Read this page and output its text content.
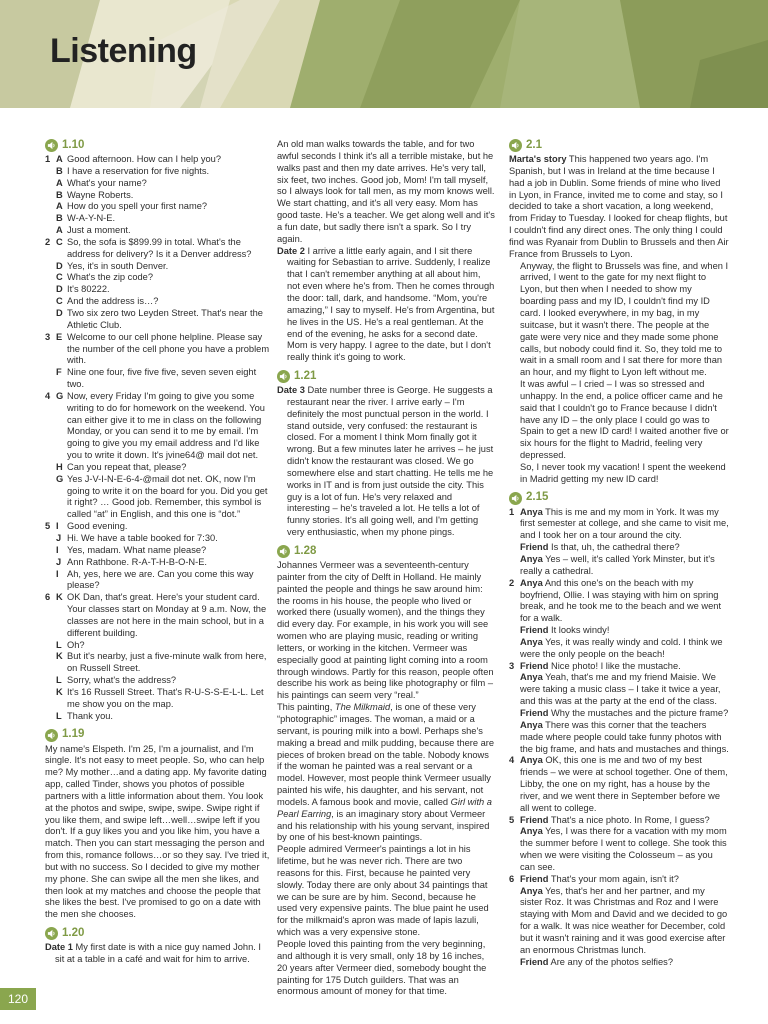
Listening
1.10
1 A Good afternoon. How can I help you?
B I have a reservation for five nights.
A What's your name?
B Wayne Roberts.
A How do you spell your first name?
B W-A-Y-N-E.
A Just a moment.
2 C So, the sofa is $899.99 in total. What's the address for delivery? Is it a Denver address?
D Yes, it's in south Denver.
C What's the zip code?
D It's 80222.
C And the address is…?
D Two six zero two Leyden Street. That's near the Athletic Club.
3 E Welcome to our cell phone helpline. Please say the number of the cell phone you have a problem with.
F Nine one four, five five five, seven seven eight two.
4 G Now, every Friday I'm going to give you some writing to do for homework on the weekend. You can either give it to me in class on the following Monday, or you can send it to me by email. I'm going to give you my email address and I'd like you to write it down. It's jvine64@ mail dot net.
H Can you repeat that, please?
G Yes J-V-I-N-E-6-4-@mail dot net. OK, now I'm going to write it on the board for you. Did you get it right? … Good job. Remember, this symbol is called “at” in English, and this one is “dot.”
5 I Good evening.
J Hi. We have a table booked for 7:30.
I Yes, madam. What name please?
J Ann Rathbone. R-A-T-H-B-O-N-E.
I Ah, yes, here we are. Can you come this way please?
6 K OK Dan, that's great. Here's your student card. Your classes start on Monday at 9 a.m. Now, the classes are not here in the main school, but in a different building.
L Oh?
K But it's nearby, just a five-minute walk from here, on Russell Street.
L Sorry, what's the address?
K It's 16 Russell Street. That's R-U-S-S-E-L-L. Let me show you on the map.
L Thank you.
1.19

My name's Elspeth. I'm 25, I'm a journalist, and I'm single. It's not easy to meet people. So, who can help me? My mother…and a dating app. My favorite dating app, called Tinder, shows you photos of possible partners with a little information about them. You look at the photos and swipe, swipe, swipe. Swipe right if you like them, and swipe left…well…swipe left if you don't. If a guy likes you and you like him, you have a match. Then you can start messaging the person and from this, romance follows…or so they say. I've tried it, but with no success. So I decided to give my mother my phone. She can swipe all the men she likes, and then look at my matches and choose the people that she likes the best. I've promised to go on a date with the men she chooses.

1.20

Date 1 My first date is with a nice guy named John. I sit at a table in a café and wait for him to arrive.

An old man walks towards the table, and for two awful seconds I think it's all a terrible mistake, but he walks past and then my date arrives. He's very tall, six feet, two inches. Good job, Mom! I'm tall myself, so I always look for tall men, as my mom knows well. We start chatting, and it's all very easy. Mom has good taste. He's a teacher. We get along well and it's a fun date, but sadly there isn't a spark. So I try again.

Date 2 I arrive a little early again, and I sit there waiting for Sebastian to arrive. Suddenly, I realize that I can't remember anything at all about him, not even where he's from. Then he comes through the door: tall, dark, and handsome. “Mom, you're amazing,” I say to myself. He's from Argentina, but he lives in the US. He's a real gentleman. At the end of the evening, he asks for a second date. Mom is very happy. I agree to the date, but I don't really think it's going to work.

1.21

Date 3 Date number three is George. He suggests a restaurant near the river. I arrive early – I'm definitely the most punctual person in the world. I stand outside, very confused: the restaurant is closed. For a moment I think Mom finally got it wrong. But a few minutes later he arrives – he just didn't know the restaurant was closed. We go somewhere else and start chatting. He tells me he works in IT and is from just outside the city. This guy is a lot of fun. He's very relaxed and interesting – he's traveled a lot. He tells a lot of funny stories. It's all going well, and I'm getting very enthusiastic, when my phone pings.

1.28

Johannes Vermeer was a seventeenth-century painter from the city of Delft in Holland. He mainly painted the people and things he saw around him: the rooms in his house, the people who lived or worked there (usually women), and the things they did every day. For example, in his work you will see women who are playing music, reading or writing letters, or working in the kitchen. Vermeer was especially good at painting light coming into a room through windows. Partly for this reason, people often describe his work as being like photography or film – his paintings can seem very “real.”

This painting, The Milkmaid, is one of these very “photographic” images. The woman, a maid or a servant, is pouring milk into a bowl. Perhaps she's making a bread and milk pudding, because there are pieces of broken bread on the table. Nobody knows if the woman he painted was a real servant or a model. However, most people think Vermeer usually painted his wife, his daughter, and his servant, not models. A famous book and movie, called Girl with a Pearl Earring, is an imaginary story about Vermeer and his relationship with his young servant, inspired by one of his best-known paintings.

People admired Vermeer's paintings a lot in his lifetime, but he was never rich. There are two reasons for this. First, because he painted very slowly. Today there are only about 34 paintings that we can be sure are by him. Second, because he used very expensive paints. The blue paint he used for the milkmaid's apron was made of lapis lazuli, which was a very expensive stone.

People loved this painting from the very beginning, and although it is very small, only 18 by 16 inches, 20 years after Vermeer died, somebody bought the painting for 175 Dutch guilders. That was an enormous amount of money for that time.

2.1

Marta's story This happened two years ago. I'm Spanish, but I was in Ireland at the time because I had a job in Dublin. Some friends of mine who lived in Lyon, in France, invited me to come and stay, so I decided to take a short vacation, a long weekend, from Friday to Tuesday. I looked for cheap flights, but I couldn't find any direct ones. The only thing I could find was Ryanair from Dublin to Brussels and then Air France from Brussels to Lyon.

Anyway, the flight to Brussels was fine, and when I arrived, I went to the gate for my next flight to Lyon, but then when I needed to show my boarding pass and my ID, I couldn't find my ID card. I looked everywhere, in my bag, in my suitcase, but it wasn't there. The people at the gate were very nice and they made some phone calls, but nobody could find it. So, they told me to wait in a small room and I sat there for more than an hour, and my flight to Lyon left without me.

It was awful – I cried – I was so stressed and unhappy. In the end, a police officer came and he said that I couldn't go to France because I didn't have any ID – the only place I could go was to Spain to get a new ID card! I waited another five or six hours for the flight to Madrid, feeling very depressed.

So, I never took my vacation! I spent the weekend in Madrid getting my new ID card!

2.15
1 Anya This is me and my mom in York. It was my first semester at college, and she came to visit me, and I took her on a tour around the city.
Friend Is that, uh, the cathedral there?
Anya Yes – well, it's called York Minster, but it's really a cathedral.
2 Anya And this one's on the beach with my boyfriend, Ollie. I was staying with him on spring break, and he took me to the beach and we went for a walk.
Friend It looks windy!
Anya Yes, it was really windy and cold. I think we were the only people on the beach!
3 Friend Nice photo! I like the mustache.
Anya Yeah, that's me and my friend Maisie. We were taking a music class – I take it twice a year, and this was at the party at the end of the class.
Friend Why the mustaches and the picture frame?
Anya There was this corner that the teachers made where people could take funny photos with the big frame, and hats and mustaches and things.
4 Anya OK, this one is me and two of my best friends – we were at school together. One of them, Libby, the one on my right, has a house by the river, and we went there in September before we all went to college.
5 Friend That's a nice photo. In Rome, I guess?
Anya Yes, I was there for a vacation with my mom the summer before I went to college. She took this when we were visiting the Colosseum – as you can see.
6 Friend That's your mom again, isn't it?
Anya Yes, that's her and her partner, and my sister Roz. It was Christmas and Roz and I were staying with Mom and David and we decided to go for a walk. It was nice weather for December, cold but it wasn't raining and it was good exercise after an enormous Christmas lunch.
Friend Are any of the photos selfies?
120
